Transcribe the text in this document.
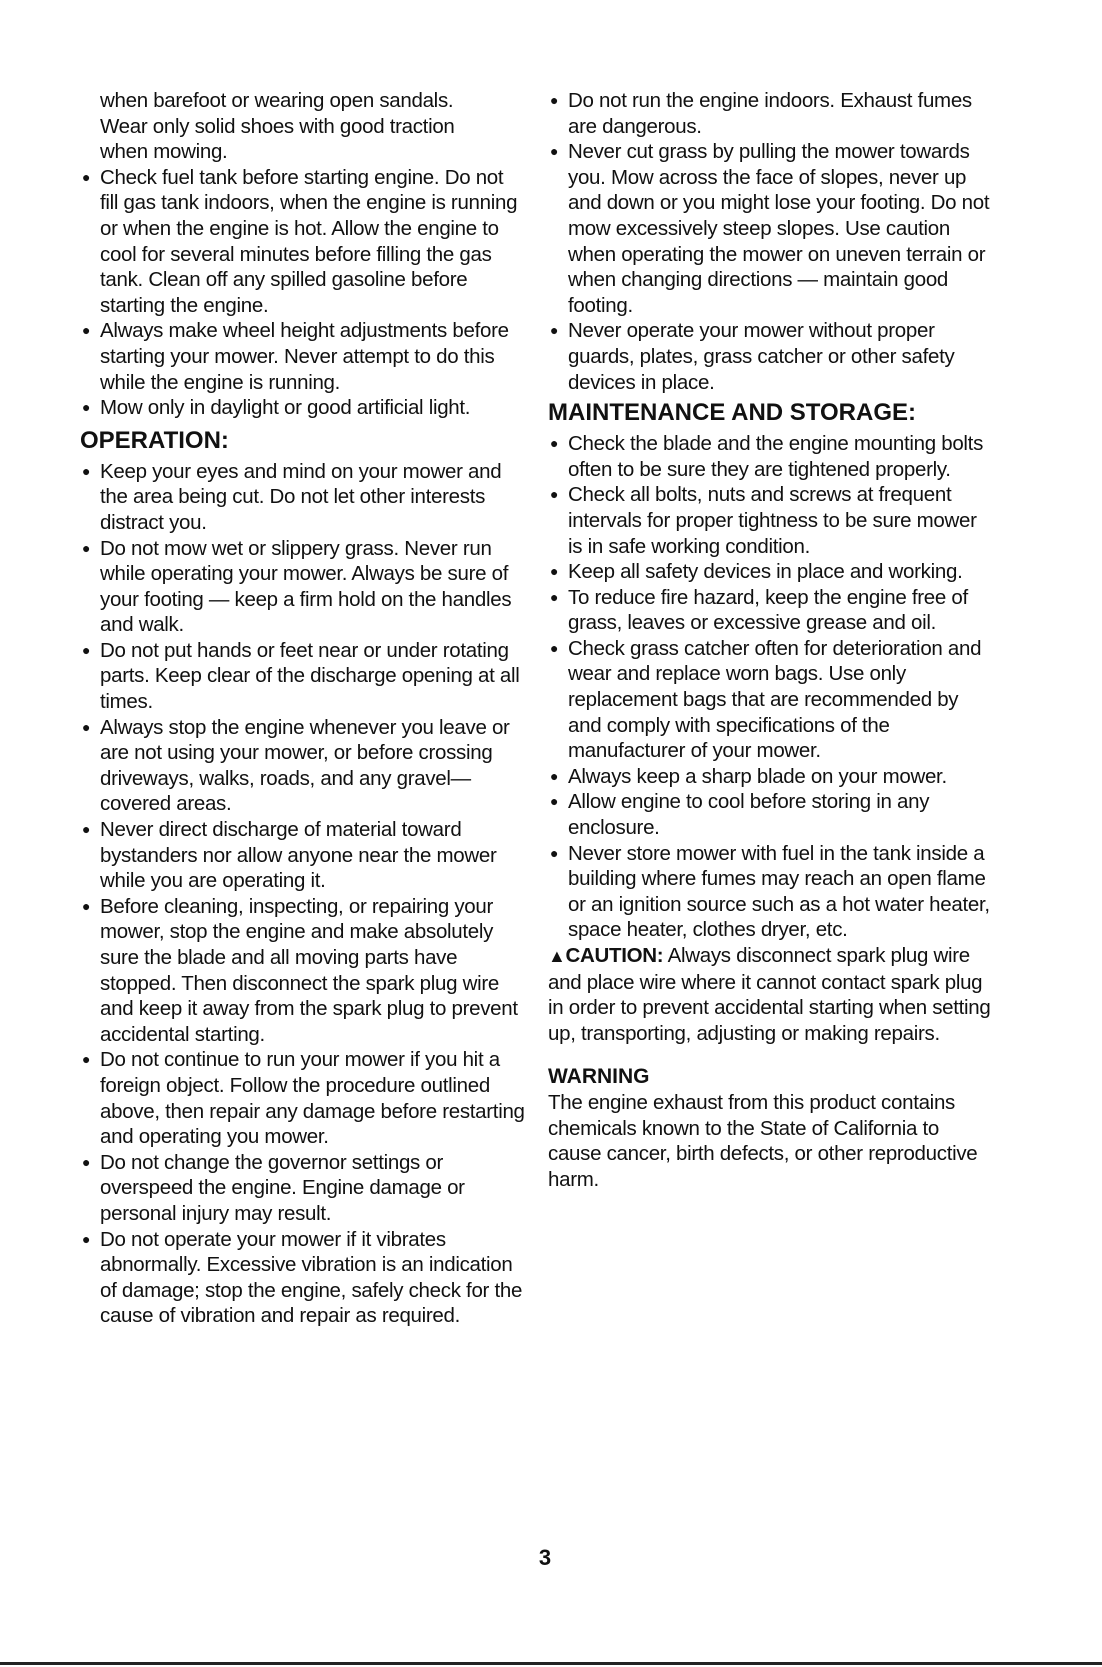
when barefoot or wearing open sandals.
Wear only solid shoes with good traction
when mowing.
● Check fuel tank before starting engine. Do not fill gas tank indoors, when the engine is running or when the engine is hot. Allow the engine to cool for several minutes before filling the gas tank. Clean off any spilled gasoline before starting the engine.
● Always make wheel height adjustments before starting your mower. Never attempt to do this while the engine is running.
● Mow only in daylight or good artificial light.
OPERATION:
● Keep your eyes and mind on your mower and the area being cut. Do not let other interests distract you.
● Do not mow wet or slippery grass. Never run while operating your mower. Always be sure of your footing — keep a firm hold on the handles and walk.
● Do not put hands or feet near or under rotating parts. Keep clear of the discharge opening at all times.
● Always stop the engine whenever you leave or are not using your mower, or before crossing driveways, walks, roads, and any gravel—covered areas.
● Never direct discharge of material toward bystanders nor allow anyone near the mower while you are operating it.
● Before cleaning, inspecting, or repairing your mower, stop the engine and make absolutely sure the blade and all moving parts have stopped. Then disconnect the spark plug wire and keep it away from the spark plug to prevent accidental starting.
● Do not continue to run your mower if you hit a foreign object. Follow the procedure outlined above, then repair any damage before restarting and operating you mower.
● Do not change the governor settings or overspeed the engine. Engine damage or personal injury may result.
● Do not operate your mower if it vibrates abnormally. Excessive vibration is an indication of damage; stop the engine, safely check for the cause of vibration and repair as required.
● Do not run the engine indoors. Exhaust fumes are dangerous.
● Never cut grass by pulling the mower towards you. Mow across the face of slopes, never up and down or you might lose your footing. Do not mow excessively steep slopes. Use caution when operating the mower on uneven terrain or when changing directions — maintain good footing.
● Never operate your mower without proper guards, plates, grass catcher or other safety devices in place.
MAINTENANCE AND STORAGE:
● Check the blade and the engine mounting bolts often to be sure they are tightened properly.
● Check all bolts, nuts and screws at frequent intervals for proper tightness to be sure mower is in safe working condition.
● Keep all safety devices in place and working.
● To reduce fire hazard, keep the engine free of grass, leaves or excessive grease and oil.
● Check grass catcher often for deterioration and wear and replace worn bags. Use only replacement bags that are recommended by and comply with specifications of the manufacturer of your mower.
● Always keep a sharp blade on your mower.
● Allow engine to cool before storing in any enclosure.
● Never store mower with fuel in the tank inside a building where fumes may reach an open flame or an ignition source such as a hot water heater, space heater, clothes dryer, etc.
▲CAUTION: Always disconnect spark plug wire and place wire where it cannot contact spark plug in order to prevent accidental starting when setting up, transporting, adjusting or making repairs.
WARNING
The engine exhaust from this product contains chemicals known to the State of California to cause cancer, birth defects, or other reproductive harm.
3
